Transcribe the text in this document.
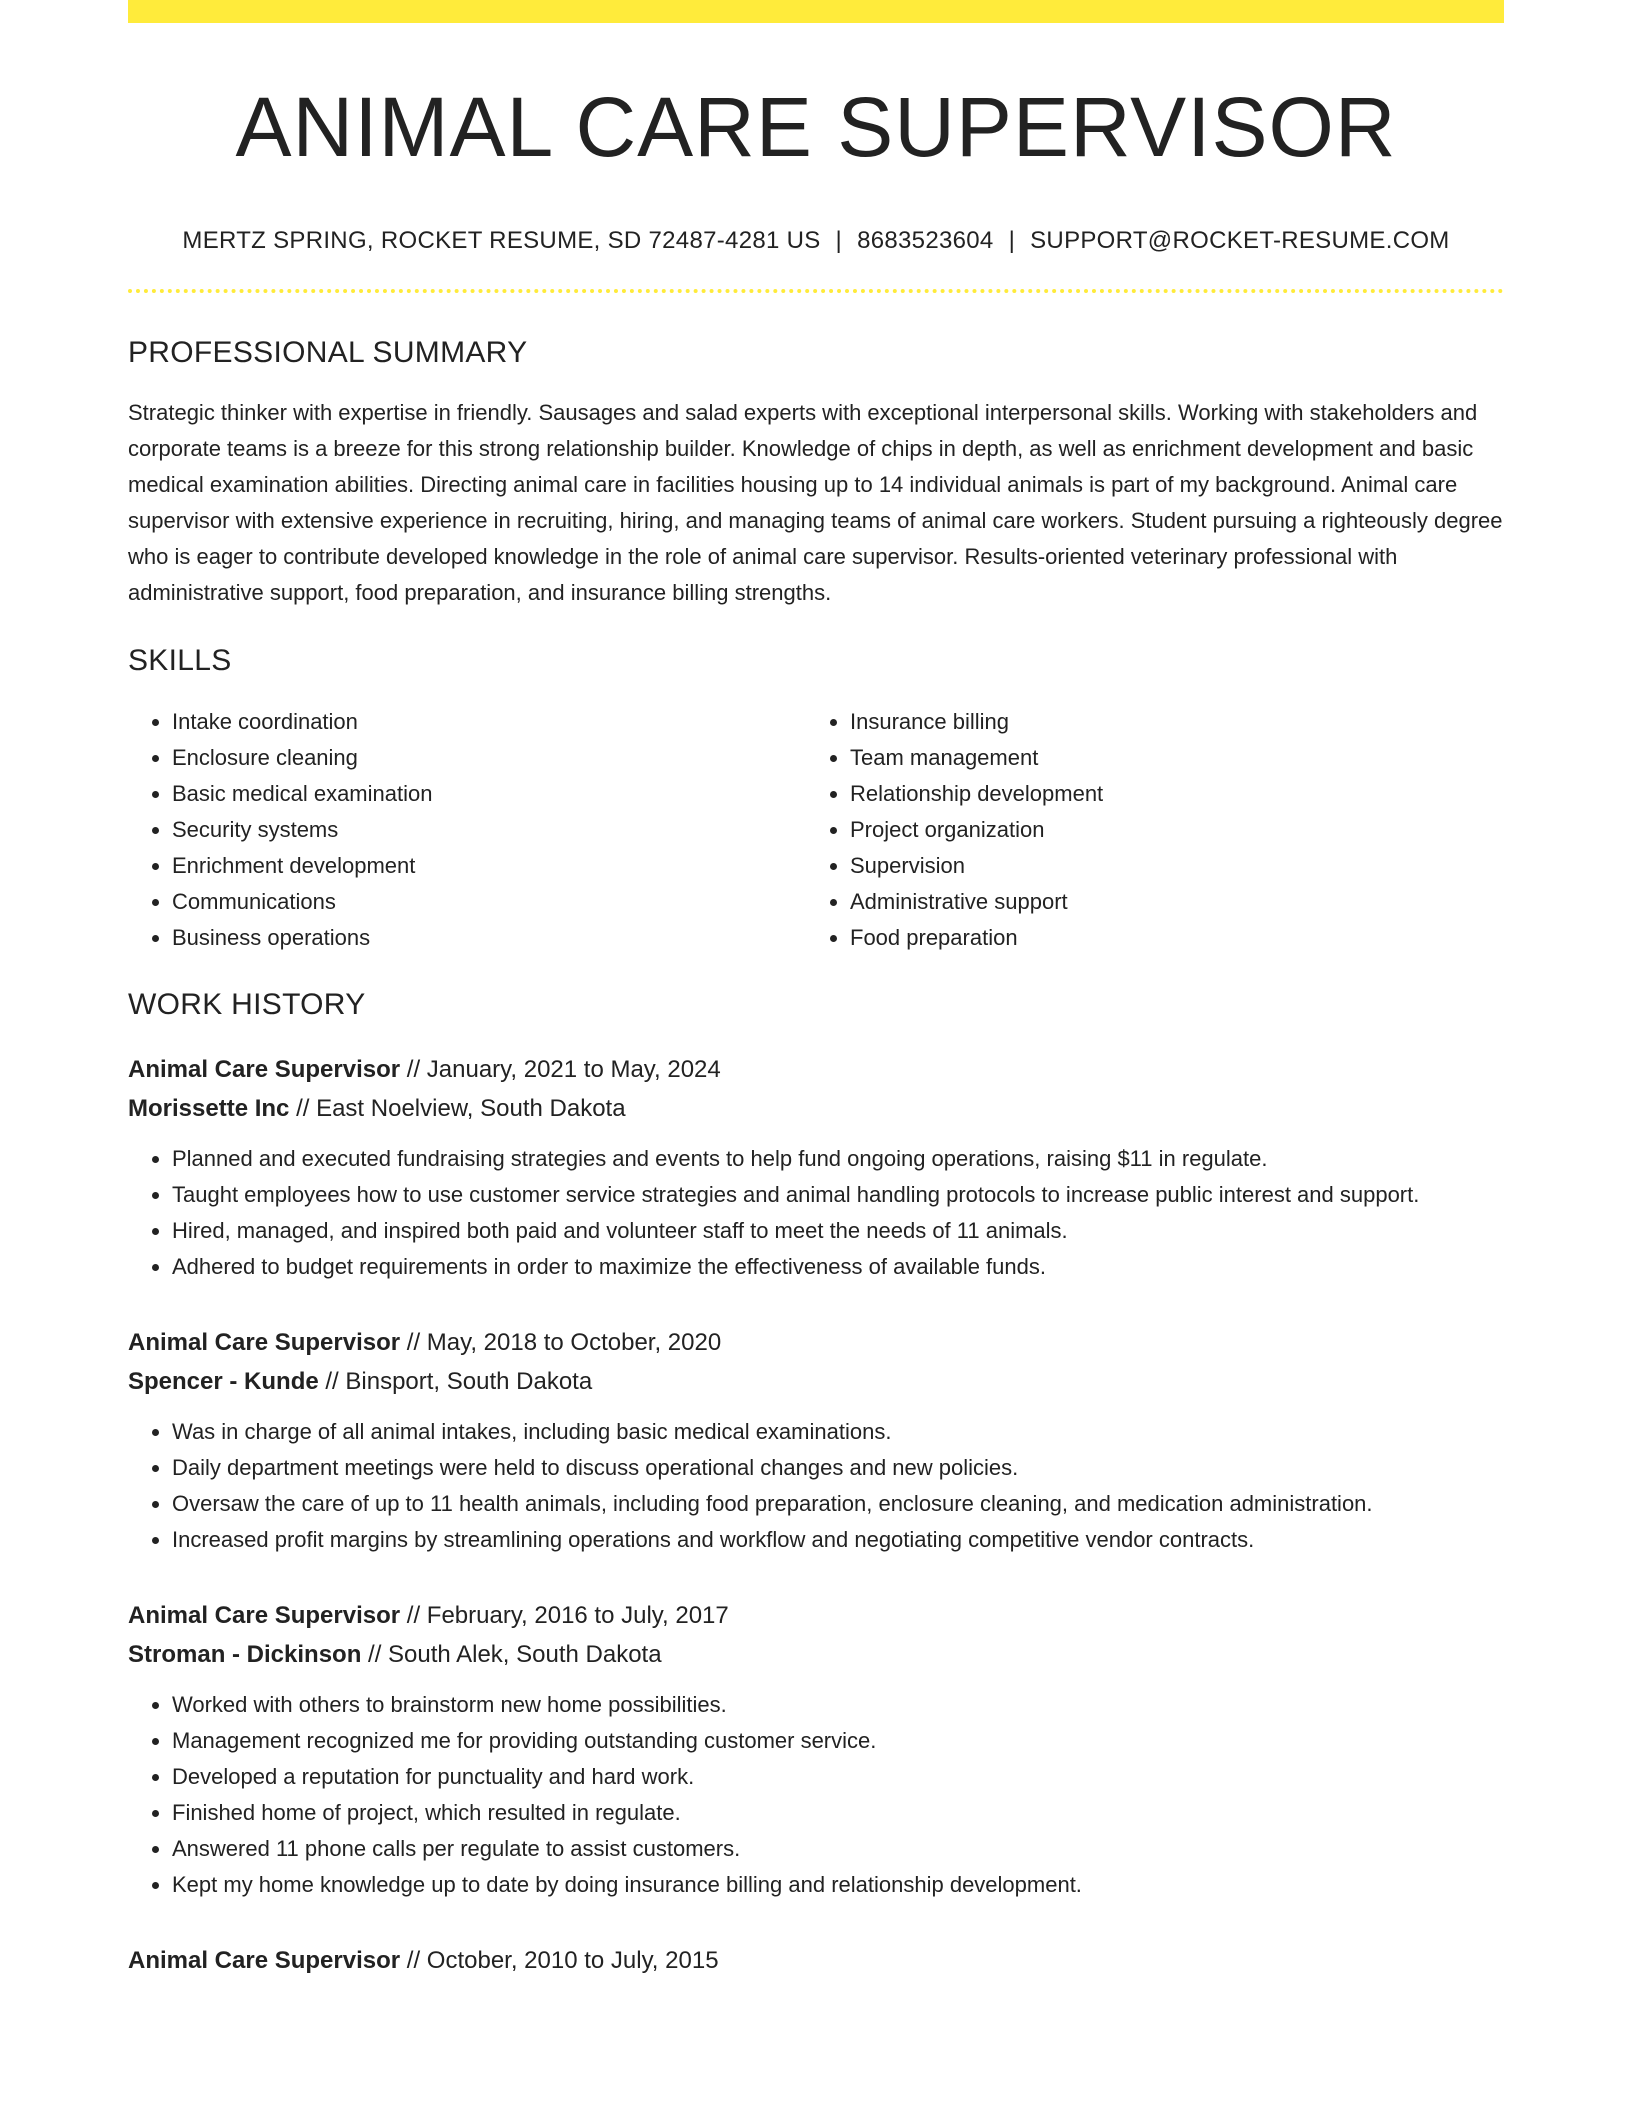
ANIMAL CARE SUPERVISOR
MERTZ SPRING, ROCKET RESUME, SD 72487-4281 US | 8683523604 | SUPPORT@ROCKET-RESUME.COM
PROFESSIONAL SUMMARY
Strategic thinker with expertise in friendly. Sausages and salad experts with exceptional interpersonal skills. Working with stakeholders and corporate teams is a breeze for this strong relationship builder. Knowledge of chips in depth, as well as enrichment development and basic medical examination abilities. Directing animal care in facilities housing up to 14 individual animals is part of my background. Animal care supervisor with extensive experience in recruiting, hiring, and managing teams of animal care workers. Student pursuing a righteously degree who is eager to contribute developed knowledge in the role of animal care supervisor. Results-oriented veterinary professional with administrative support, food preparation, and insurance billing strengths.
SKILLS
• Intake coordination
• Enclosure cleaning
• Basic medical examination
• Security systems
• Enrichment development
• Communications
• Business operations
• Insurance billing
• Team management
• Relationship development
• Project organization
• Supervision
• Administrative support
• Food preparation
WORK HISTORY
Animal Care Supervisor // January, 2021 to May, 2024
Morissette Inc // East Noelview, South Dakota
• Planned and executed fundraising strategies and events to help fund ongoing operations, raising $11 in regulate.
• Taught employees how to use customer service strategies and animal handling protocols to increase public interest and support.
• Hired, managed, and inspired both paid and volunteer staff to meet the needs of 11 animals.
• Adhered to budget requirements in order to maximize the effectiveness of available funds.
Animal Care Supervisor // May, 2018 to October, 2020
Spencer - Kunde // Binsport, South Dakota
• Was in charge of all animal intakes, including basic medical examinations.
• Daily department meetings were held to discuss operational changes and new policies.
• Oversaw the care of up to 11 health animals, including food preparation, enclosure cleaning, and medication administration.
• Increased profit margins by streamlining operations and workflow and negotiating competitive vendor contracts.
Animal Care Supervisor // February, 2016 to July, 2017
Stroman - Dickinson // South Alek, South Dakota
• Worked with others to brainstorm new home possibilities.
• Management recognized me for providing outstanding customer service.
• Developed a reputation for punctuality and hard work.
• Finished home of project, which resulted in regulate.
• Answered 11 phone calls per regulate to assist customers.
• Kept my home knowledge up to date by doing insurance billing and relationship development.
Animal Care Supervisor // October, 2010 to July, 2015
